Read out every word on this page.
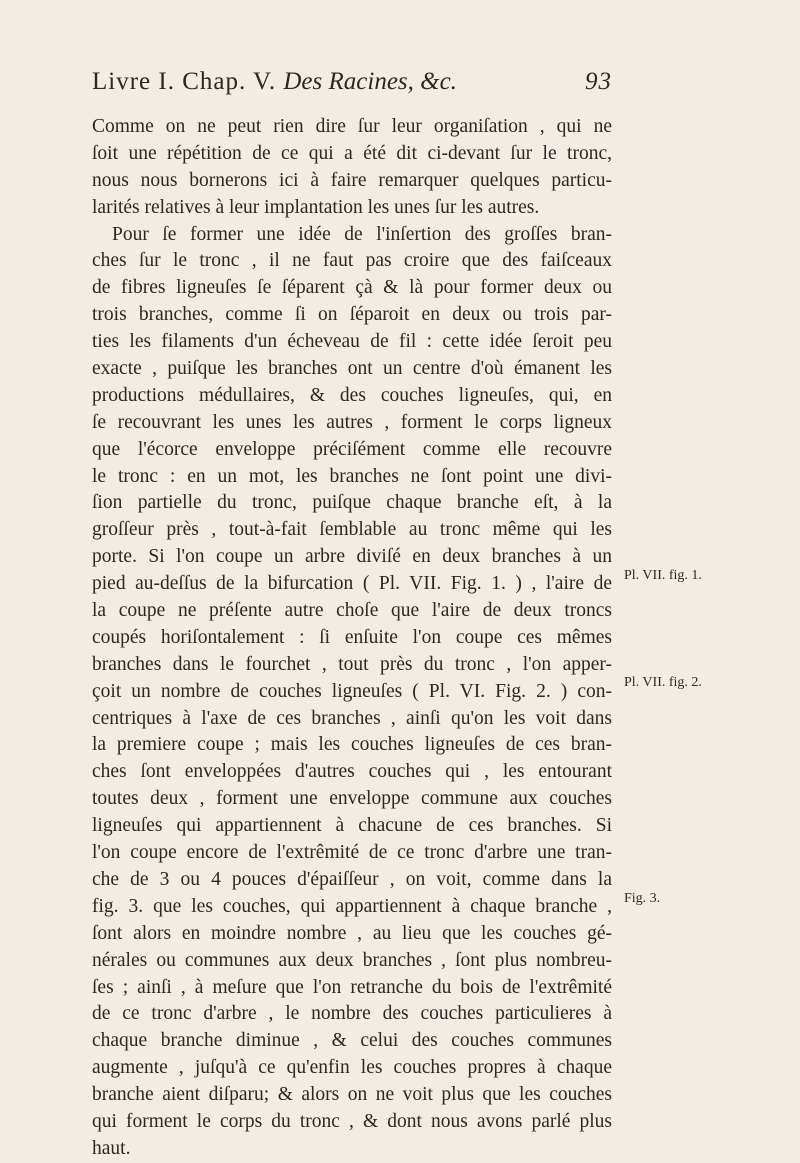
Livre I. Chap. V. Des Racines, &c.	93
Comme on ne peut rien dire ſur leur organiſation , qui ne
ſoit une répétition de ce qui a été dit ci-devant ſur le tronc,
nous nous bornerons ici à faire remarquer quelques particu-
larités relatives à leur implantation les unes ſur les autres.
Pour ſe former une idée de l'inſertion des groſſes bran-
ches ſur le tronc , il ne faut pas croire que des faiſceaux
de fibres ligneuſes ſe ſéparent çà & là pour former deux ou
trois branches, comme ſi on ſéparoit en deux ou trois par-
ties les filaments d'un écheveau de fil : cette idée ſeroit peu
exacte , puiſque les branches ont un centre d'où émanent les
productions médullaires, & des couches ligneuſes, qui, en
ſe recouvrant les unes les autres , forment le corps ligneux
que l'écorce enveloppe préciſément comme elle recouvre
le tronc : en un mot, les branches ne ſont point une divi-
ſion partielle du tronc, puiſque chaque branche eſt, à la
groſſeur près , tout-à-fait ſemblable au tronc même qui les
porte. Si l'on coupe un arbre diviſé en deux branches à un
pied au-deſſus de la bifurcation ( Pl. VII. Fig. 1. ) , l'aire de
la coupe ne préſente autre choſe que l'aire de deux troncs
coupés horiſontalement : ſi enſuite l'on coupe ces mêmes
branches dans le fourchet , tout près du tronc , l'on apper-
çoit un nombre de couches ligneuſes ( Pl. VI. Fig. 2. ) con-
centriques à l'axe de ces branches , ainſi qu'on les voit dans
la premiere coupe ; mais les couches ligneuſes de ces bran-
ches ſont enveloppées d'autres couches qui , les entourant
toutes deux , forment une enveloppe commune aux couches
ligneuſes qui appartiennent à chacune de ces branches. Si
l'on coupe encore de l'extrêmité de ce tronc d'arbre une tran-
che de 3 ou 4 pouces d'épaiſſeur , on voit, comme dans la
fig. 3. que les couches, qui appartiennent à chaque branche ,
ſont alors en moindre nombre , au lieu que les couches gé-
nérales ou communes aux deux branches , ſont plus nombreu-
ſes ; ainſi , à meſure que l'on retranche du bois de l'extrêmité
de ce tronc d'arbre , le nombre des couches particulieres à
chaque branche diminue , & celui des couches communes
augmente , juſqu'à ce qu'enfin les couches propres à chaque
branche aient diſparu; & alors on ne voit plus que les couches
qui forment le corps du tronc , & dont nous avons parlé plus
haut.
Pl. VII. fig. 1.
Pl. VII. fig. 2.
Fig. 3.
